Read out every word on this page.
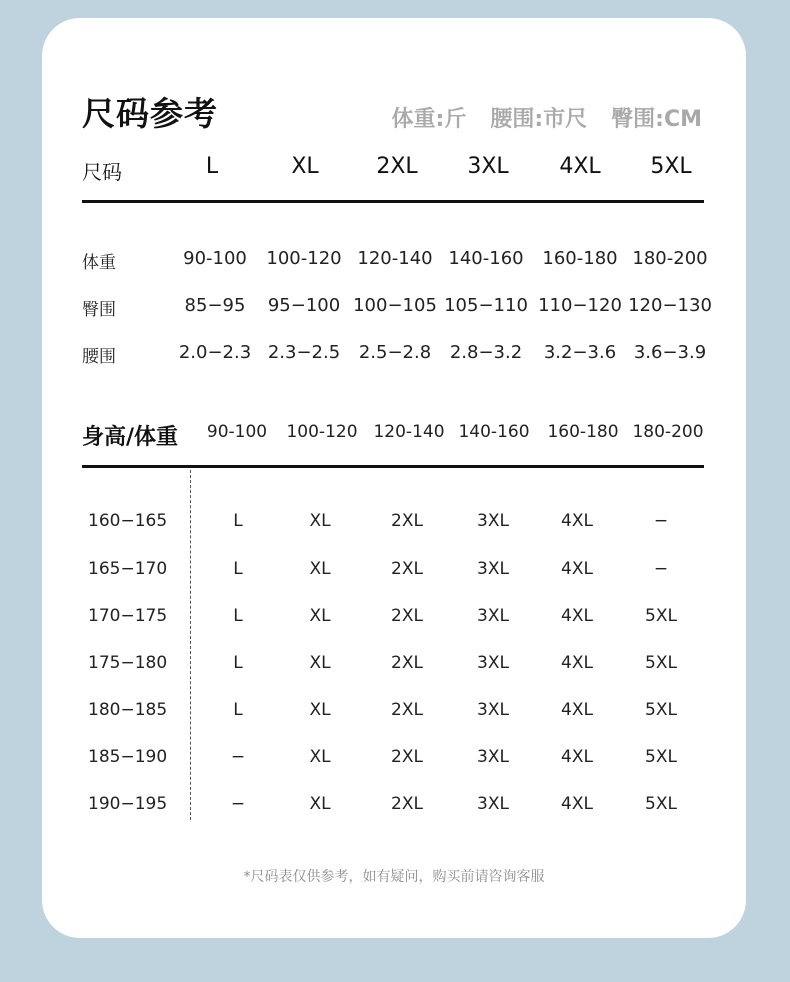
尺码参考	体重:斤 腰围:市尺 臀围:CM
尺码	L	XL	2XL 3XL 4XL 5XL
体重	90-100 100-120 120-140 140-160 160-180 180-200
臀围	85−95 95−100 100−105 105−110 110−120 120−130
腰围	2.0−2.3 2.3−2.5 2.5−2.8 2.8−3.2 3.2−3.6 3.6−3.9
身高/体重 90-100 100-120 120-140 140-160 160-180 180-200
160−165	L	XL	2XL	3XL	4XL	−
165−170	L	XL	2XL	3XL	4XL	−
170−175	L	XL	2XL	3XL	4XL	5XL
175−180	L	XL	2XL	3XL	4XL	5XL
180−185	L	XL	2XL	3XL	4XL	5XL
185−190	−	XL	2XL	3XL	4XL	5XL
190−195	−	XL	2XL	3XL	4XL	5XL
*尺码表仅供参考，如有疑问，购买前请咨询客服
